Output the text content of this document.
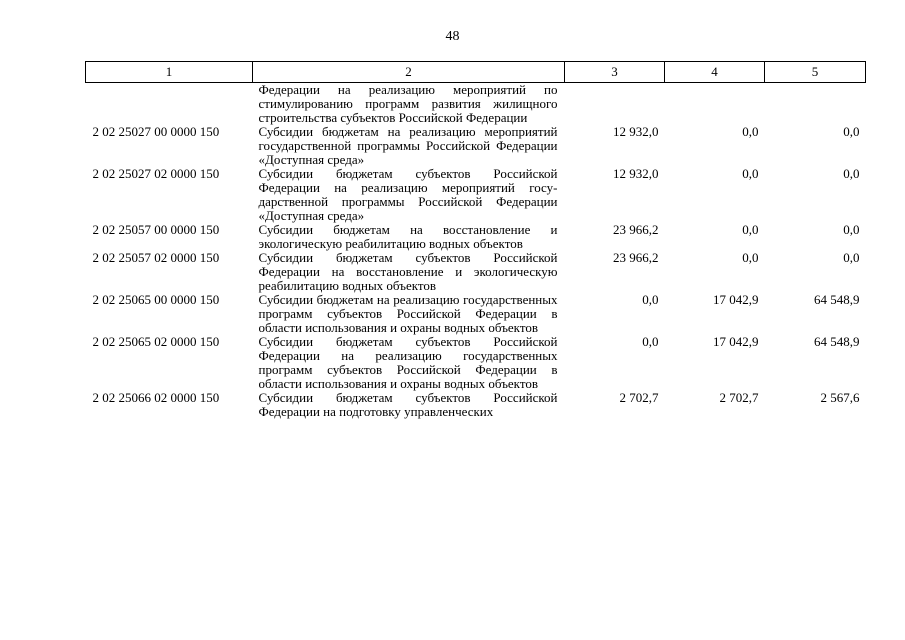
48
1	2	3	4	5
	Федерации на реализацию мероприятий по стимулированию программ развития жилищного строительства субъектов Российской Федерации			
2 02 25027 00 0000 150	Субсидии бюджетам на реализацию мероприятий государственной программы Российской Федерации «Доступная среда»	12 932,0	0,0	0,0
2 02 25027 02 0000 150	Субсидии бюджетам субъектов Российской Федерации на реализацию мероприятий государственной программы Российской Федерации «Доступная среда»	12 932,0	0,0	0,0
2 02 25057 00 0000 150	Субсидии бюджетам на восстановление и экологическую реабилитацию водных объектов	23 966,2	0,0	0,0
2 02 25057 02 0000 150	Субсидии бюджетам субъектов Российской Федерации на восстановление и экологическую реабилитацию водных объектов	23 966,2	0,0	0,0
2 02 25065 00 0000 150	Субсидии бюджетам на реализацию государственных программ субъектов Российской Федерации в области использования и охраны водных объектов	0,0	17 042,9	64 548,9
2 02 25065 02 0000 150	Субсидии бюджетам субъектов Российской Федерации на реализацию государственных программ субъектов Российской Федерации в области использования и охраны водных объектов	0,0	17 042,9	64 548,9
2 02 25066 02 0000 150	Субсидии бюджетам субъектов Российской Федерации на подготовку управленческих	2 702,7	2 702,7	2 567,6
